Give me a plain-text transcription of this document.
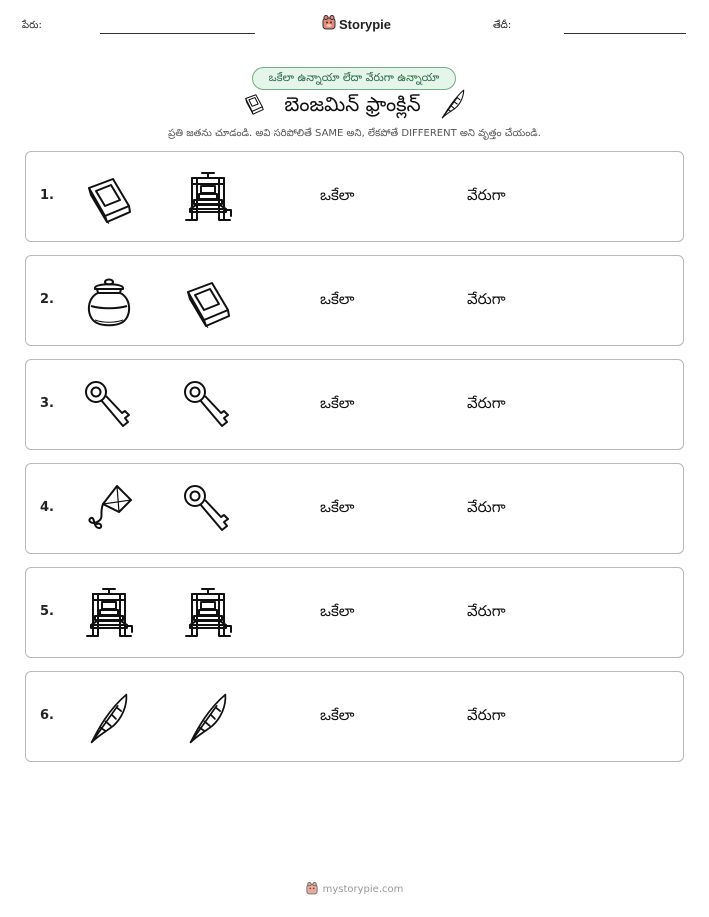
పేరు:	Storypie	తేదీ:
ఒకేలా ఉన్నాయా లేదా వేరుగా ఉన్నాయా
బెంజమిన్ ఫ్రాంక్లిన్
ప్రతి జతను చూడండి. అవి సరిపోలితే SAME అని, లేకపోతే DIFFERENT అని వృత్తం చేయండి.
1.	ఒకేలా	వేరుగా
2.	ఒకేలా	వేరుగా
3.	ఒకేలా	వేరుగా
4.	ఒకేలా	వేరుగా
5.	ఒకేలా	వేరుగా
6.	ఒకేలా	వేరుగా
mystorypie.com
